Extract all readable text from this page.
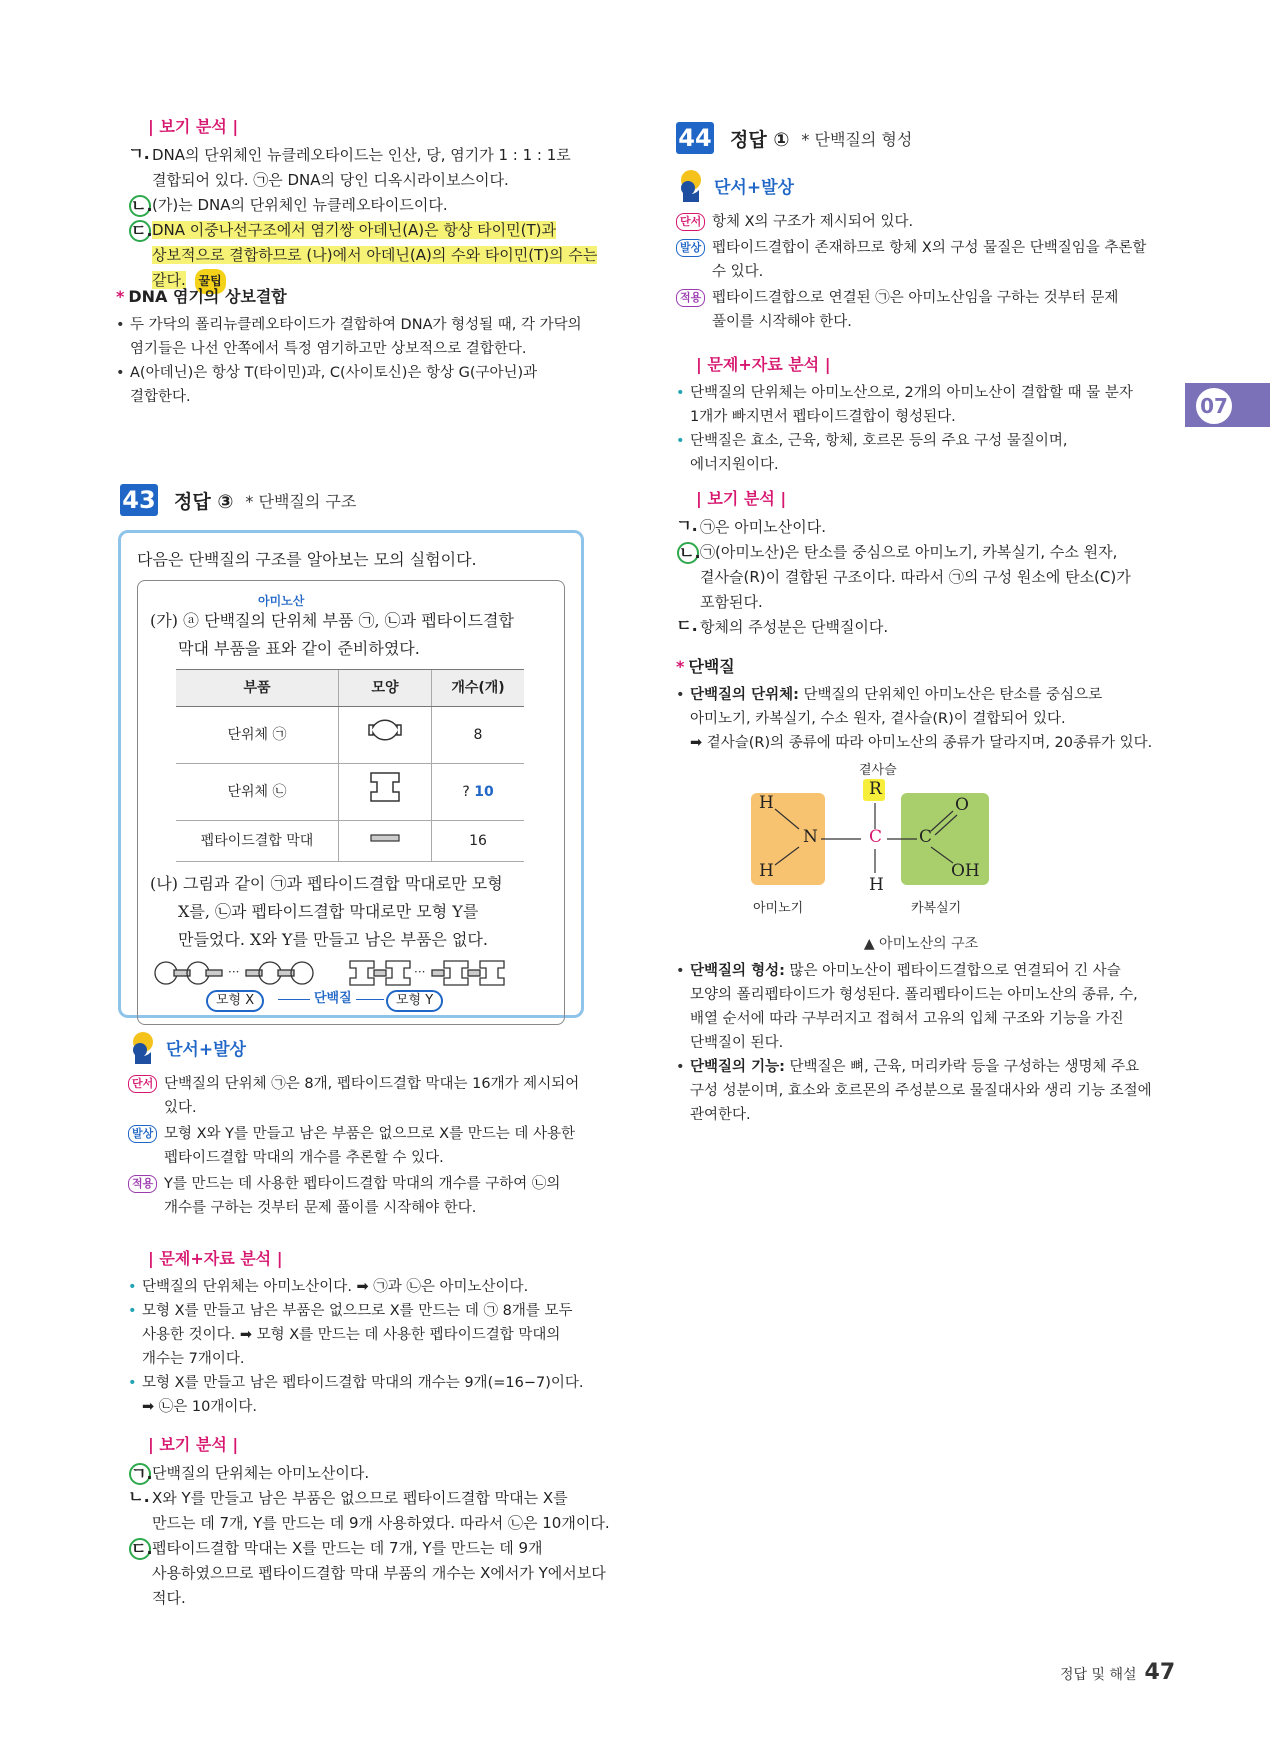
| 보기 분석 |
ㄱ. DNA의 단위체인 뉴클레오타이드는 인산, 당, 염기가 1 : 1 : 1로
결합되어 있다. ㉠은 DNA의 당인 디옥시라이보스이다.
ㄴ. (가)는 DNA의 단위체인 뉴클레오타이드이다.
ㄷ. DNA 이중나선구조에서 염기쌍 아데닌(A)은 항상 타이민(T)과
상보적으로 결합하므로 (나)에서 아데닌(A)의 수와 타이민(T)의 수는
같다. 꿀팁
* DNA 염기의 상보결합
• 두 가닥의 폴리뉴클레오타이드가 결합하여 DNA가 형성될 때, 각 가닥의
염기들은 나선 안쪽에서 특정 염기하고만 상보적으로 결합한다.
• A(아데닌)은 항상 T(타이민)과, C(사이토신)은 항상 G(구아닌)과
결합한다.
43 정답 ③ * 단백질의 구조
다음은 단백질의 구조를 알아보는 모의 실험이다.
아미노산
(가) ⓐ 단백질의 단위체 부품 ㉠, ㉡과 펩타이드결합
막대 부품을 표와 같이 준비하였다.
부품	모양	개수(개)
단위체 ㉠		8
단위체 ㉡		? 10
펩타이드결합 막대		16
(나) 그림과 같이 ㉠과 펩타이드결합 막대로만 모형
X를, ㉡과 펩타이드결합 막대로만 모형 Y를
만들었다. X와 Y를 만들고 남은 부품은 없다.
···	···
모형 X	단백질	모형 Y
단서+발상
단서 단백질의 단위체 ㉠은 8개, 펩타이드결합 막대는 16개가 제시되어
있다.
발상 모형 X와 Y를 만들고 남은 부품은 없으므로 X를 만드는 데 사용한
펩타이드결합 막대의 개수를 추론할 수 있다.
적용 Y를 만드는 데 사용한 펩타이드결합 막대의 개수를 구하여 ㉡의
개수를 구하는 것부터 문제 풀이를 시작해야 한다.
| 문제+자료 분석 |
• 단백질의 단위체는 아미노산이다. ➡ ㉠과 ㉡은 아미노산이다.
• 모형 X를 만들고 남은 부품은 없으므로 X를 만드는 데 ㉠ 8개를 모두
사용한 것이다. ➡ 모형 X를 만드는 데 사용한 펩타이드결합 막대의
개수는 7개이다.
• 모형 X를 만들고 남은 펩타이드결합 막대의 개수는 9개(=16−7)이다.
➡ ㉡은 10개이다.
| 보기 분석 |
ㄱ. 단백질의 단위체는 아미노산이다.
ㄴ. X와 Y를 만들고 남은 부품은 없으므로 펩타이드결합 막대는 X를
만드는 데 7개, Y를 만드는 데 9개 사용하였다. 따라서 ㉡은 10개이다.
ㄷ. 펩타이드결합 막대는 X를 만드는 데 7개, Y를 만드는 데 9개
사용하였으므로 펩타이드결합 막대 부품의 개수는 X에서가 Y에서보다
적다.
44 정답 ① * 단백질의 형성
단서+발상
단서 항체 X의 구조가 제시되어 있다.
발상 펩타이드결합이 존재하므로 항체 X의 구성 물질은 단백질임을 추론할
수 있다.
적용 펩타이드결합으로 연결된 ㉠은 아미노산임을 구하는 것부터 문제
풀이를 시작해야 한다.
| 문제+자료 분석 |
• 단백질의 단위체는 아미노산으로, 2개의 아미노산이 결합할 때 물 분자
1개가 빠지면서 펩타이드결합이 형성된다.
• 단백질은 효소, 근육, 항체, 호르몬 등의 주요 구성 물질이며,
에너지원이다.
| 보기 분석 |
ㄱ. ㉠은 아미노산이다.
ㄴ. ㉠(아미노산)은 탄소를 중심으로 아미노기, 카복실기, 수소 원자,
곁사슬(R)이 결합된 구조이다. 따라서 ㉠의 구성 원소에 탄소(C)가
포함된다.
ㄷ. 항체의 주성분은 단백질이다.
* 단백질
• 단백질의 단위체: 단백질의 단위체인 아미노산은 탄소를 중심으로
아미노기, 카복실기, 수소 원자, 곁사슬(R)이 결합되어 있다.
➡ 곁사슬(R)의 종류에 따라 아미노산의 종류가 달라지며, 20종류가 있다.
곁사슬
H
H
N
R
C
H
C
O
OH
아미노기	카복실기
▲ 아미노산의 구조
• 단백질의 형성: 많은 아미노산이 펩타이드결합으로 연결되어 긴 사슬
모양의 폴리펩타이드가 형성된다. 폴리펩타이드는 아미노산의 종류, 수,
배열 순서에 따라 구부러지고 접혀서 고유의 입체 구조와 기능을 가진
단백질이 된다.
• 단백질의 기능: 단백질은 뼈, 근육, 머리카락 등을 구성하는 생명체 주요
구성 성분이며, 효소와 호르몬의 주성분으로 물질대사와 생리 기능 조절에
관여한다.
07
정답 및 해설 47
